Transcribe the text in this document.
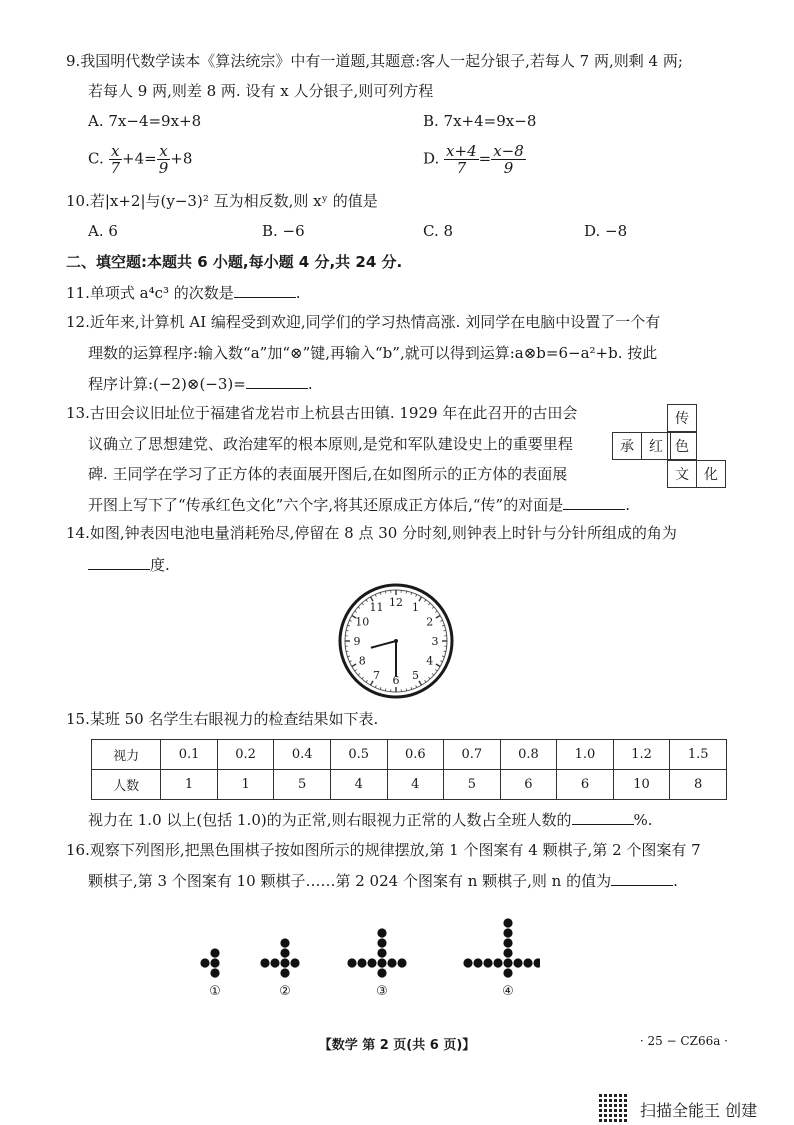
9.我国明代数学读本《算法统宗》中有一道题,其题意:客人一起分银子,若每人 7 两,则剩 4 两;
若每人 9 两,则差 8 两. 设有 x 人分银子,则可列方程
A. 7x−4=9x+8	B. 7x+4=9x−8
C. $\frac{x}{7} +4= \frac{x}{9} +8$	D. $\frac{x+4}{7} = \frac{x-8}{9}$
10.若|x+2|与(y−3)² 互为相反数,则 xʸ 的值是
A. 6	B. −6	C. 8	D. −8
二、填空题:本题共 6 小题,每小题 4 分,共 24 分.
11.单项式 a⁴c³ 的次数是	.
12.近年来,计算机 AI 编程受到欢迎,同学们的学习热情高涨. 刘同学在电脑中设置了一个有
理数的运算程序:输入数“a”加“⊗”键,再输入“b”,就可以得到运算:a⊗b=6−a²+b. 按此
程序计算:(−2)⊗(−3)=	.
13.古田会议旧址位于福建省龙岩市上杭县古田镇. 1929 年在此召开的古田会
议确立了思想建党、政治建军的根本原则,是党和军队建设史上的重要里程
碑. 王同学在学习了正方体的表面展开图后,在如图所示的正方体的表面展
开图上写下了“传承红色文化”六个字,将其还原成正方体后,“传”的对面是	.
传
承	红 色
文	化
14.如图,钟表因电池电量消耗殆尽,停留在 8 点 30 分时刻,则钟表上时针与分针所组成的角为
度.
12 1
2
3
4
5
6
7
8
9
10
11
15.某班 50 名学生右眼视力的检查结果如下表.
视力	0.1	0.2	0.4	0.5	0.6	0.7	0.8	1.0	1.2	1.5
人数	1	1	5	4	4	5	6	6	10	8
视力在 1.0 以上(包括 1.0)的为正常,则右眼视力正常的人数占全班人数的	%.
16.观察下列图形,把黑色围棋子按如图所示的规律摆放,第 1 个图案有 4 颗棋子,第 2 个图案有 7
颗棋子,第 3 个图案有 10 颗棋子……第 2 024 个图案有 n 颗棋子,则 n 的值为	.
①	②	③	④
【数学 第 2 页(共 6 页)】	· 25 − CZ66a ·
扫描全能王 创建
